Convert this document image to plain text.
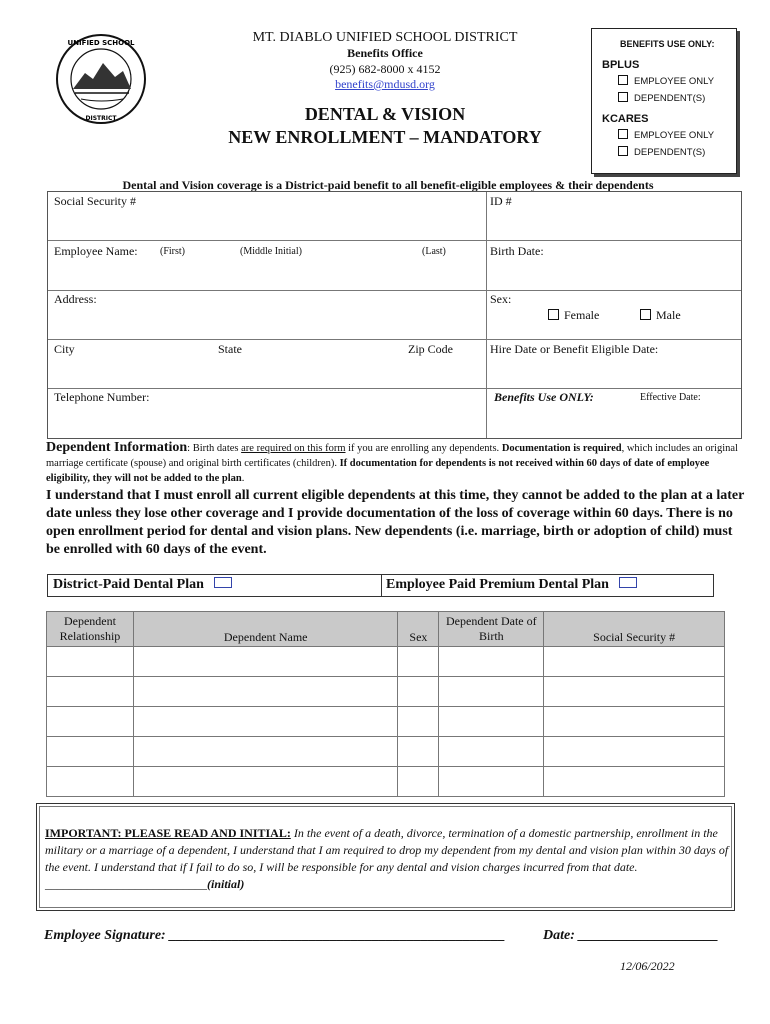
UNIFIED SCHOOL
DISTRICT
MT. DIABLO UNIFIED SCHOOL DISTRICT
Benefits Office
(925) 682-8000 x 4152
benefits@mdusd.org
DENTAL & VISION
NEW ENROLLMENT – MANDATORY
BENEFITS USE ONLY:
BPLUS
EMPLOYEE ONLY
DEPENDENT(S)
KCARES
EMPLOYEE ONLY
DEPENDENT(S)
Dental and Vision coverage is a District-paid benefit to all benefit-eligible employees & their dependents
Social Security #	ID #
Employee Name: (First)	(Middle Initial)	(Last)	Birth Date:
Address:	Sex:
Female	Male
City	State	Zip Code	Hire Date or Benefit Eligible Date:
Telephone Number:	Benefits Use ONLY:	Effective Date:
Dependent Information: Birth dates are required on this form if you are enrolling any dependents. Documentation is required, which includes an original marriage certificate (spouse) and original birth certificates (children). If documentation for dependents is not received within 60 days of date of employee eligibility, they will not be added to the plan.
I understand that I must enroll all current eligible dependents at this time, they cannot be added to the plan at a later date unless they lose other coverage and I provide documentation of the loss of coverage within 60 days. There is no open enrollment period for dental and vision plans. New dependents (i.e. marriage, birth or adoption of child) must be enrolled with 60 days of the event.
District-Paid Dental Plan	Employee Paid Premium Dental Plan
Dependent Relationship	Dependent Name	Sex	Dependent Date of Birth	Social Security #

IMPORTANT: PLEASE READ AND INITIAL: In the event of a death, divorce, termination of a domestic partnership, enrollment in the military or a marriage of a dependent, I understand that I am required to drop my dependent from my dental and vision plan within 30 days of the event. I understand that if I fail to do so, I will be responsible for any dental and vision charges incurred from that date. ___________________________(initial)

Employee Signature: ________________________________________________	Date: ____________________
12/06/2022
